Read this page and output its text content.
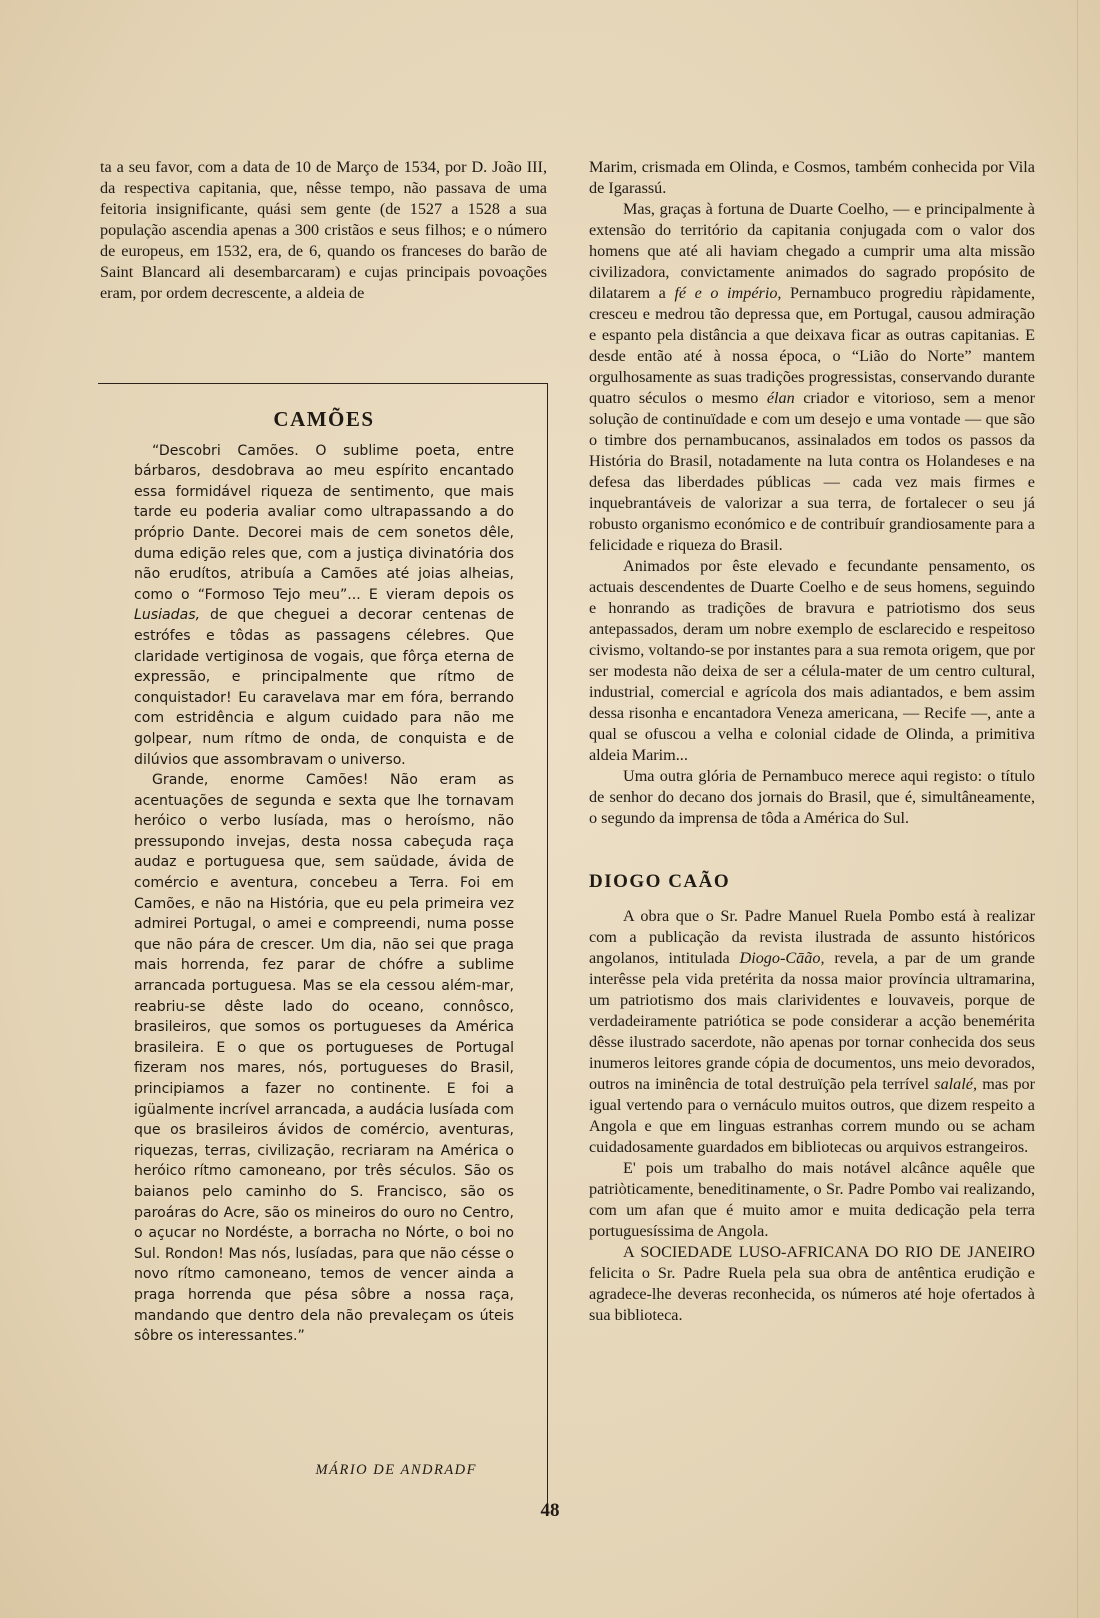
ta a seu favor, com a data de 10 de Março de 1534, por D. João III, da respectiva capitania, que, nêsse tempo, não passava de uma feitoria insignificante, quási sem gente (de 1527 a 1528 a sua população ascendia apenas a 300 cristãos e seus filhos; e o número de europeus, em 1532, era, de 6, quando os franceses do barão de Saint Blancard ali desembarcaram) e cujas principais povoações eram, por ordem decrescente, a aldeia de

CAMÕES

“Descobri Camões. O sublime poeta, entre bárbaros, desdobrava ao meu espírito encantado essa formidável riqueza de sentimento, que mais tarde eu poderia avaliar como ultrapassando a do próprio Dante. Decorei mais de cem sonetos dêle, duma edição reles que, com a justiça divinatória dos não erudítos, atribuía a Camões até joias alheias, como o “Formoso Tejo meu”... E vieram depois os Lusiadas, de que cheguei a decorar centenas de estrófes e tôdas as passagens célebres. Que claridade vertiginosa de vogais, que fôrça eterna de expressão, e principalmente que rítmo de conquistador! Eu caravelava mar em fóra, berrando com estridência e algum cuidado para não me golpear, num rítmo de onda, de conquista e de dilúvios que assombravam o universo.

Grande, enorme Camões! Não eram as acentuações de segunda e sexta que lhe tornavam heróico o verbo lusíada, mas o heroísmo, não pressupondo invejas, desta nossa cabeçuda raça audaz e portuguesa que, sem saüdade, ávida de comércio e aventura, concebeu a Terra. Foi em Camões, e não na História, que eu pela primeira vez admirei Portugal, o amei e compreendi, numa posse que não pára de crescer. Um dia, não sei que praga mais horrenda, fez parar de chófre a sublime arrancada portuguesa. Mas se ela cessou além-mar, reabriu-se dêste lado do oceano, connôsco, brasileiros, que somos os portugueses da América brasileira. E o que os portugueses de Portugal fizeram nos mares, nós, portugueses do Brasil, principiamos a fazer no continente. E foi a igüalmente incrível arrancada, a audácia lusíada com que os brasileiros ávidos de comércio, aventuras, riquezas, terras, civilização, recriaram na América o heróico rítmo camoneano, por três séculos. São os baianos pelo caminho do S. Francisco, são os paroáras do Acre, são os mineiros do ouro no Centro, o açucar no Nordéste, a borracha no Nórte, o boi no Sul. Rondon! Mas nós, lusíadas, para que não césse o novo rítmo camoneano, temos de vencer ainda a praga horrenda que pésa sôbre a nossa raça, mandando que dentro dela não prevaleçam os úteis sôbre os interessantes.”

MÁRIO DE ANDRADF

Marim, crismada em Olinda, e Cosmos, também conhecida por Vila de Igarassú.

Mas, graças à fortuna de Duarte Coelho, — e principalmente à extensão do território da capitania conjugada com o valor dos homens que até ali haviam chegado a cumprir uma alta missão civilizadora, convictamente animados do sagrado propósito de dilatarem a fé e o império, Pernambuco progrediu ràpidamente, cresceu e medrou tão depressa que, em Portugal, causou admiração e espanto pela distância a que deixava ficar as outras capitanias. E desde então até à nossa época, o “Lião do Norte” mantem orgulhosamente as suas tradições progressistas, conservando durante quatro séculos o mesmo élan criador e vitorioso, sem a menor solução de continuïdade e com um desejo e uma vontade — que são o timbre dos pernambucanos, assinalados em todos os passos da História do Brasil, notadamente na luta contra os Holandeses e na defesa das liberdades públicas — cada vez mais firmes e inquebrantáveis de valorizar a sua terra, de fortalecer o seu já robusto organismo económico e de contribuír grandiosamente para a felicidade e riqueza do Brasil.

Animados por êste elevado e fecundante pensamento, os actuais descendentes de Duarte Coelho e de seus homens, seguindo e honrando as tradições de bravura e patriotismo dos seus antepassados, deram um nobre exemplo de esclarecido e respeitoso civismo, voltando-se por instantes para a sua remota origem, que por ser modesta não deixa de ser a célula-mater de um centro cultural, industrial, comercial e agrícola dos mais adiantados, e bem assim dessa risonha e encantadora Veneza americana, — Recife —, ante a qual se ofuscou a velha e colonial cidade de Olinda, a primitiva aldeia Marim...

Uma outra glória de Pernambuco merece aqui registo: o título de senhor do decano dos jornais do Brasil, que é, simultâneamente, o segundo da imprensa de tôda a América do Sul.

DIOGO CAÃO

A obra que o Sr. Padre Manuel Ruela Pombo está à realizar com a publicação da revista ilustrada de assunto históricos angolanos, intitulada Diogo-Cāão, revela, a par de um grande interêsse pela vida pretérita da nossa maior província ultramarina, um patriotismo dos mais clarividentes e louvaveis, porque de verdadeiramente patriótica se pode considerar a acção benemérita dêsse ilustrado sacerdote, não apenas por tornar conhecida dos seus inumeros leitores grande cópia de documentos, uns meio devorados, outros na iminência de total destruïção pela terrível salalé, mas por igual vertendo para o vernáculo muitos outros, que dizem respeito a Angola e que em linguas estranhas correm mundo ou se acham cuidadosamente guardados em bibliotecas ou arquivos estrangeiros.

E' pois um trabalho do mais notável alcânce aquêle que patriòticamente, beneditinamente, o Sr. Padre Pombo vai realizando, com um afan que é muito amor e muita dedicação pela terra portuguesíssima de Angola.

A SOCIEDADE LUSO-AFRICANA DO RIO DE JANEIRO felicita o Sr. Padre Ruela pela sua obra de antêntica erudição e agradece-lhe deveras reconhecida, os números até hoje ofertados à sua biblioteca.

48
